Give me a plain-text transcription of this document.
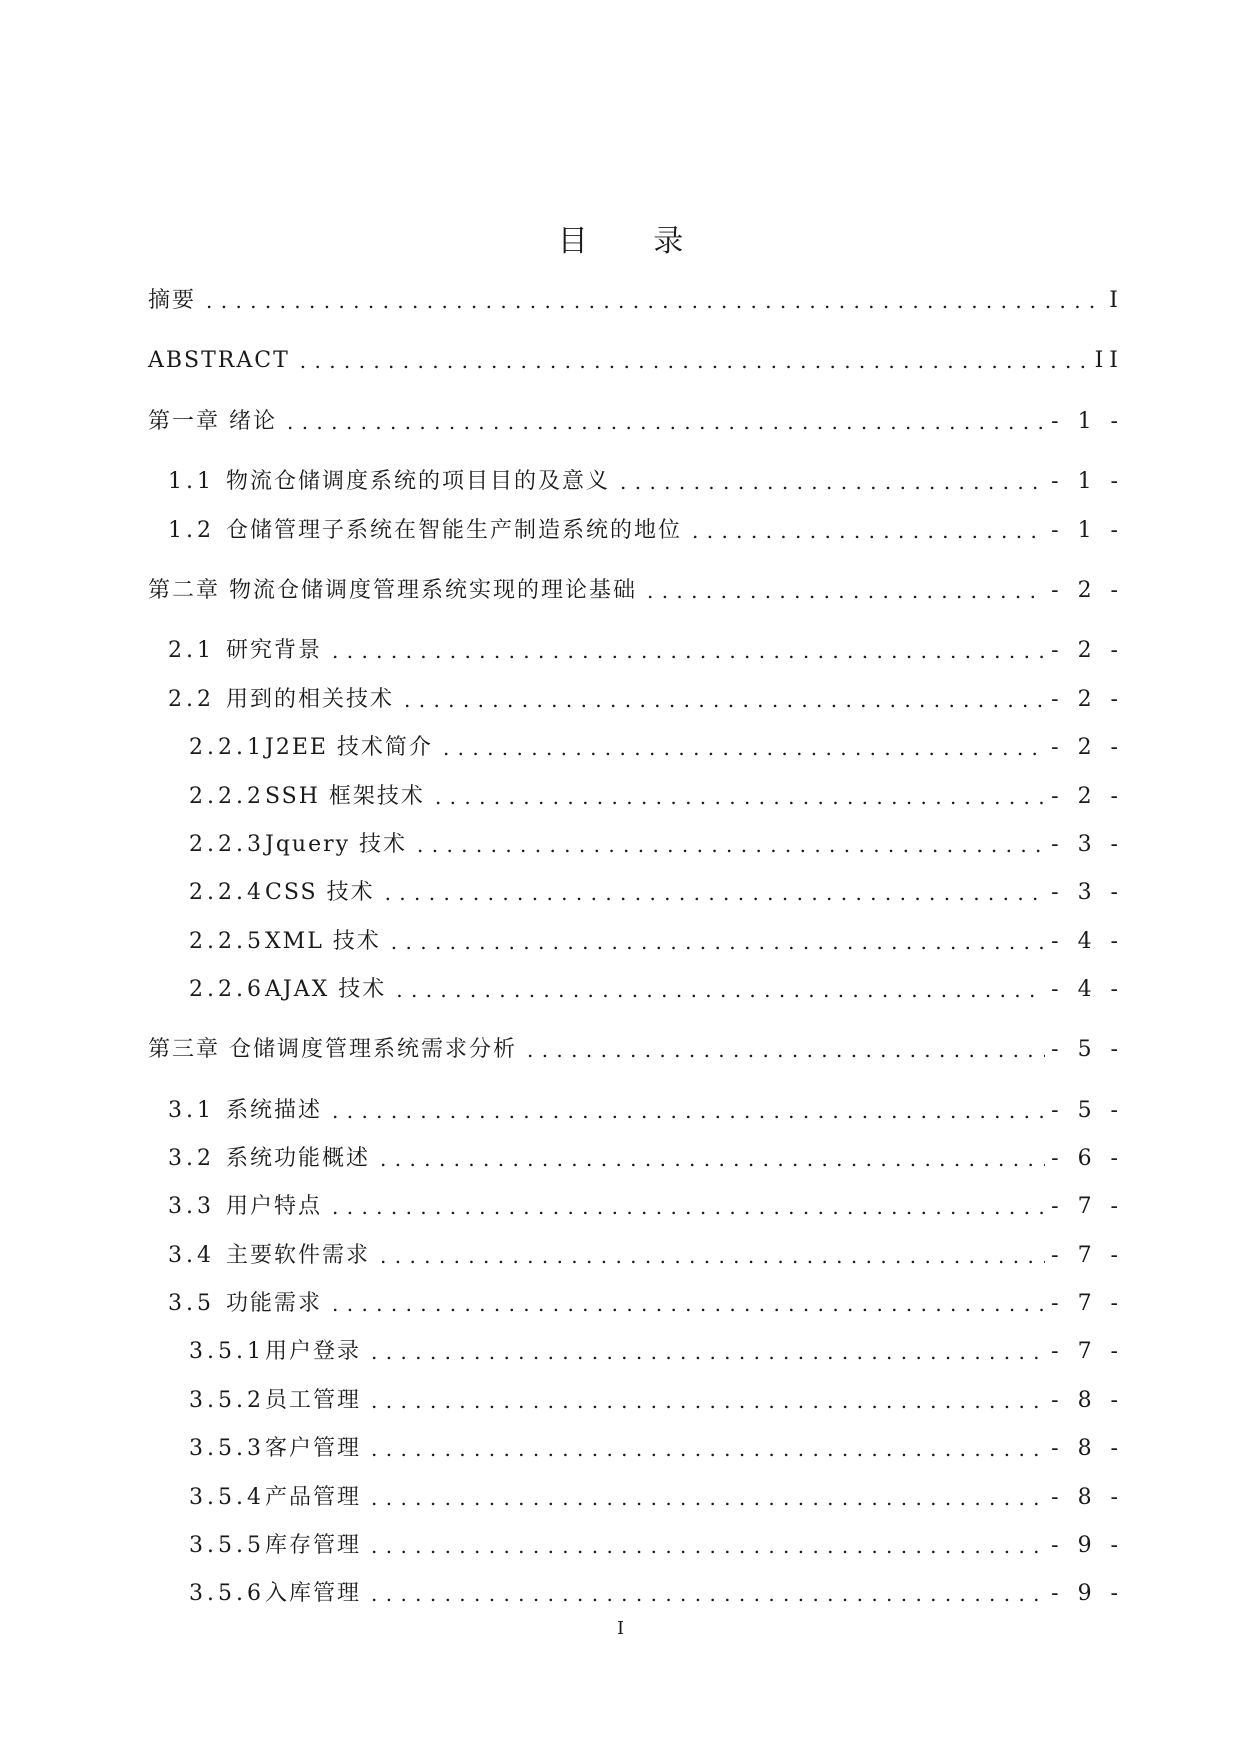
目 录
摘要 . . .	I
ABSTRACT . . .	II
第一章 绪论 . . .	- 1 -
1.1 物流仓储调度系统的项目目的及意义 . . .	- 1 -
1.2 仓储管理子系统在智能生产制造系统的地位 . . .	- 1 -
第二章 物流仓储调度管理系统实现的理论基础 . . .	- 2 -
2.1 研究背景 . . .	- 2 -
2.2 用到的相关技术 . . .	- 2 -
2.2.1 J2EE 技术简介 . . .	- 2 -
2.2.2 SSH 框架技术 . . .	- 2 -
2.2.3 Jquery 技术 . . .	- 3 -
2.2.4 CSS 技术 . . .	- 3 -
2.2.5 XML 技术 . . .	- 4 -
2.2.6 AJAX 技术 . . .	- 4 -
第三章 仓储调度管理系统需求分析 . . .	- 5 -
3.1 系统描述 . . .	- 5 -
3.2 系统功能概述 . . .	- 6 -
3.3 用户特点 . . .	- 7 -
3.4 主要软件需求 . . .	- 7 -
3.5 功能需求 . . .	- 7 -
3.5.1 用户登录 . . .	- 7 -
3.5.2 员工管理 . . .	- 8 -
3.5.3 客户管理 . . .	- 8 -
3.5.4 产品管理 . . .	- 8 -
3.5.5 库存管理 . . .	- 9 -
3.5.6 入库管理 . . .	- 9 -
I
